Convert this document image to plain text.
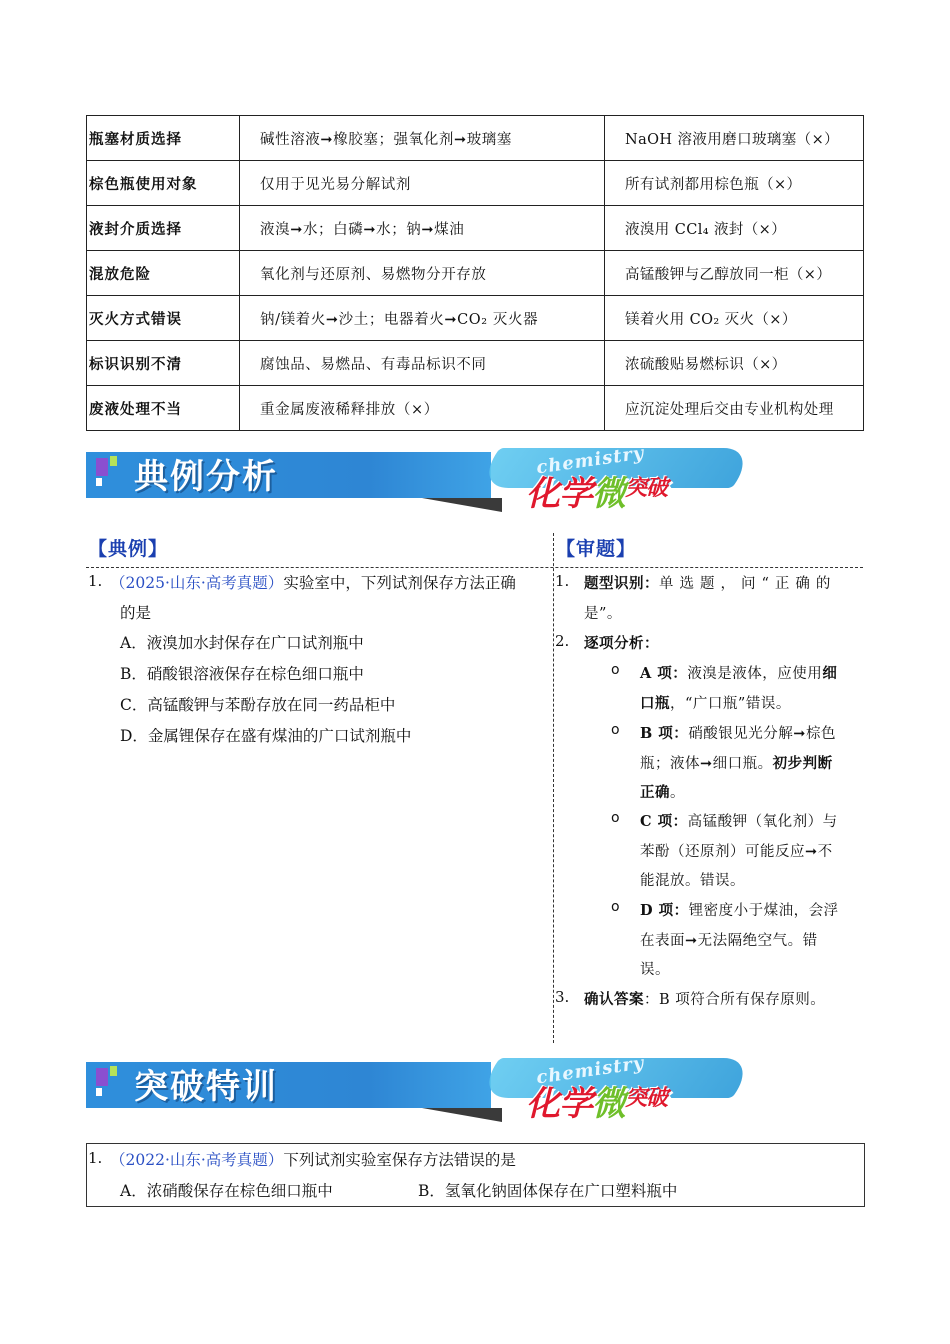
瓶塞材质选择	碱性溶液➞橡胶塞；强氧化剂➞玻璃塞	NaOH 溶液用磨口玻璃塞（×）
棕色瓶使用对象	仅用于见光易分解试剂	所有试剂都用棕色瓶（×）
液封介质选择	液溴➞水；白磷➞水；钠➞煤油	液溴用 CCl₄ 液封（×）
混放危险	氧化剂与还原剂、易燃物分开存放	高锰酸钾与乙醇放同一柜（×）
灭火方式错误	钠/镁着火➞沙土；电器着火➞CO₂ 灭火器	镁着火用 CO₂ 灭火（×）
标识识别不清	腐蚀品、易燃品、有毒品标识不同	浓硫酸贴易燃标识（×）
废液处理不当	重金属废液稀释排放（×）	应沉淀处理后交由专业机构处理
典例分析	chemistry
化学微$^{突破}$
【典例】	【审题】
1. （2025·山东·高考真题）实验室中，下列试剂保存方法正确
的是
A．液溴加水封保存在广口试剂瓶中
B．硝酸银溶液保存在棕色细口瓶中
C．高锰酸钾与苯酚存放在同一药品柜中
D．金属锂保存在盛有煤油的广口试剂瓶中
1. 题型识别：单选题，问“正确的
是”。
2. 逐项分析：
o A 项：液溴是液体，应使用细
口瓶，“广口瓶”错误。
o B 项：硝酸银见光分解➞棕色
瓶；液体➞细口瓶。初步判断
正确。
o C 项：高锰酸钾（氧化剂）与
苯酚（还原剂）可能反应➞不
能混放。错误。
o D 项：锂密度小于煤油，会浮
在表面➞无法隔绝空气。错
误。
3. 确认答案：B 项符合所有保存原则。
突破特训	chemistry
化学微$^{突破}$
1. （2022·山东·高考真题）下列试剂实验室保存方法错误的是
A．浓硝酸保存在棕色细口瓶中	B．氢氧化钠固体保存在广口塑料瓶中
